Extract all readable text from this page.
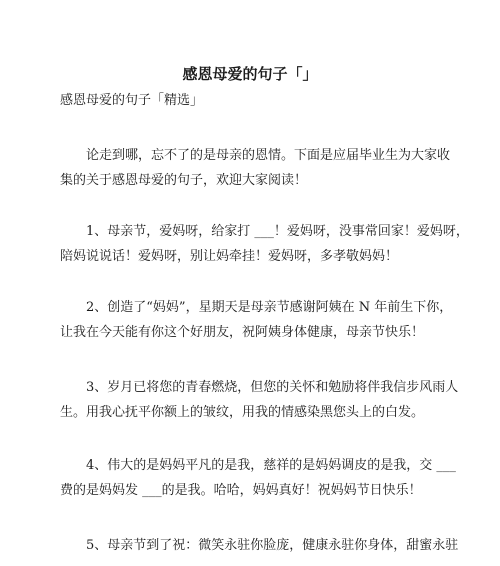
感恩母爱的句子「」
感恩母爱的句子「精选」
论走到哪，忘不了的是母亲的恩情。下面是应届毕业生为大家收
集的关于感恩母爱的句子，欢迎大家阅读！
1、母亲节，爱妈呀，给家打 ___！爱妈呀，没事常回家！爱妈呀，
陪妈说说话！爱妈呀，别让妈牵挂！爱妈呀，多孝敬妈妈！
2、创造了“妈妈”，星期天是母亲节感谢阿姨在 N 年前生下你，
让我在今天能有你这个好朋友，祝阿姨身体健康，母亲节快乐！
3、岁月已将您的青春燃烧，但您的关怀和勉励将伴我信步风雨人
生。用我心抚平你额上的皱纹，用我的情感染黑您头上的白发。
4、伟大的是妈妈平凡的是我，慈祥的是妈妈调皮的是我，交 ___
费的是妈妈发 ___的是我。哈哈，妈妈真好！祝妈妈节日快乐！
5、母亲节到了祝：微笑永驻你脸庞，健康永驻你身体，甜蜜永驻
